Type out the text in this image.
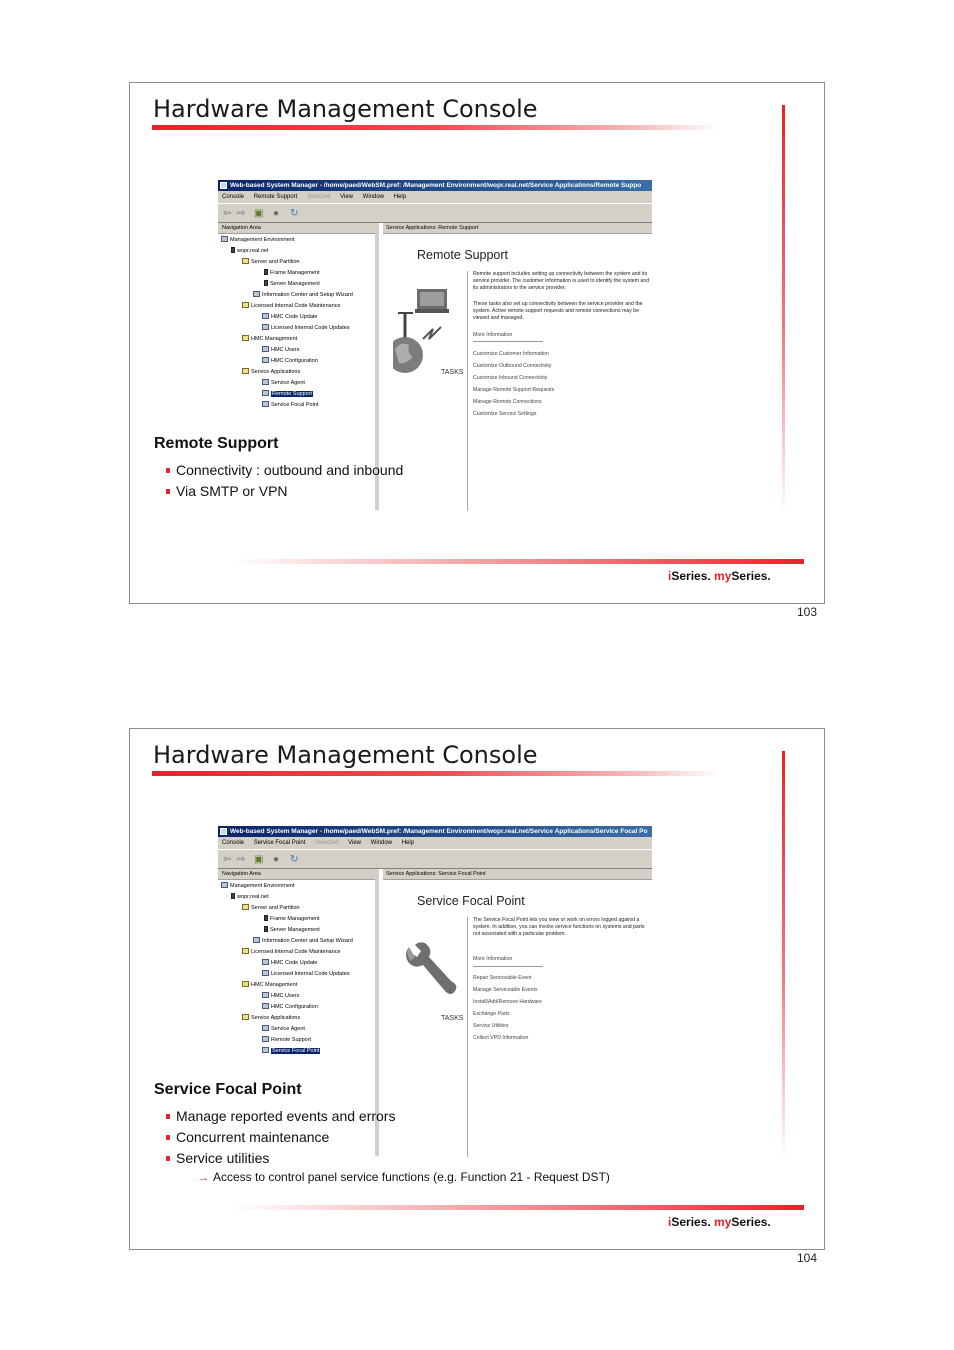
Hardware Management Console
Web-based System Manager - /home/paed/WebSM.pref: /Management Environment/wopr.real.net/Service Applications/Remote Suppo
Console Remote Support Selected View Window Help
⇦ ⇨ ▣ ● ↻
Navigation Area
Management Environment
wopr.real.net
Server and Partition
Frame Management
Server Management
Information Center and Setup Wizard
Licensed Internal Code Maintenance
HMC Code Update
Licensed Internal Code Updates
HMC Management
HMC Users
HMC Configuration
Service Applications
Service Agent
Remote Support
Service Focal Point
Service Applications: Remote Support
Remote Support
Remote support includes setting up connectivity between the system and its service provider. The customer information is used to identify the system and its administrators to the service provider.
These tasks also set up connectivity between the service provider and the system. Active remote support requests and remote connections may be viewed and managed.
More Information
TASKS
Customize Customer Information
Customize Outbound Connectivity
Customize Inbound Connectivity
Manage Remote Support Requests
Manage Remote Connections
Customize Service Settings
Remote Support
Connectivity : outbound and inbound
Via SMTP or VPN
iSeries. mySeries.
103
Hardware Management Console
Web-based System Manager - /home/paed/WebSM.pref: /Management Environment/wopr.real.net/Service Applications/Service Focal Po
Console Service Focal Point Selected View Window Help
⇦ ⇨ ▣ ● ↻
Navigation Area
Management Environment
wopr.real.net
Server and Partition
Frame Management
Server Management
Information Center and Setup Wizard
Licensed Internal Code Maintenance
HMC Code Update
Licensed Internal Code Updates
HMC Management
HMC Users
HMC Configuration
Service Applications
Service Agent
Remote Support
Service Focal Point
Service Applications: Service Focal Point
Service Focal Point
The Service Focal Point lets you view or work on errors logged against a system. In addition, you can invoke service functions on systems and parts not associated with a particular problem.
More Information
TASKS
Repair Serviceable Event
Manage Serviceable Events
Install/Add/Remove Hardware
Exchange Parts
Service Utilities
Collect VPD Information
Service Focal Point
Manage reported events and errors
Concurrent maintenance
Service utilities
→ Access to control panel service functions (e.g. Function 21 - Request DST)
iSeries. mySeries.
104
